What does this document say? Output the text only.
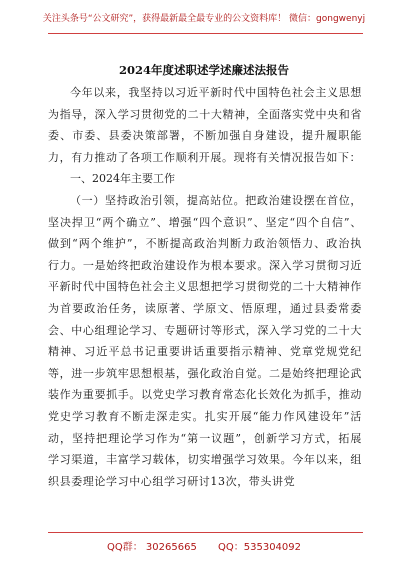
关注头条号“公文研究”，获得最新最全最专业的公文资料库！ 微信：gongwenyj
2024年度述职述学述廉述法报告

今年以来，我坚持以习近平新时代中国特色社会主义思想为指导，深入学习贯彻党的二十大精神，全面落实党中央和省委、市委、县委决策部署，不断加强自身建设，提升履职能力，有力推动了各项工作顺利开展。现将有关情况报告如下：

一、2024年主要工作

（一）坚持政治引领，提高站位。把政治建设摆在首位，坚决捍卫“两个确立”、增强“四个意识”、坚定“四个自信”、做到“两个维护”，不断提高政治判断力政治领悟力、政治执行力。一是始终把政治建设作为根本要求。深入学习贯彻习近平新时代中国特色社会主义思想把学习贯彻党的二十大精神作为首要政治任务，读原著、学原文、悟原理，通过县委常委会、中心组理论学习、专题研讨等形式，深入学习党的二十大精神、习近平总书记重要讲话重要指示精神、党章党规党纪等，进一步筑牢思想根基，强化政治自觉。二是始终把理论武装作为重要抓手。以党史学习教育常态化长效化为抓手，推动党史学习教育不断走深走实。扎实开展“能力作风建设年”活动，坚持把理论学习作为“第一议题”，创新学习方式，拓展学习渠道，丰富学习载体，切实增强学习效果。今年以来，组织县委理论学习中心组学习研讨13次，带头讲党

QQ群： 30265665 QQ：535304092
